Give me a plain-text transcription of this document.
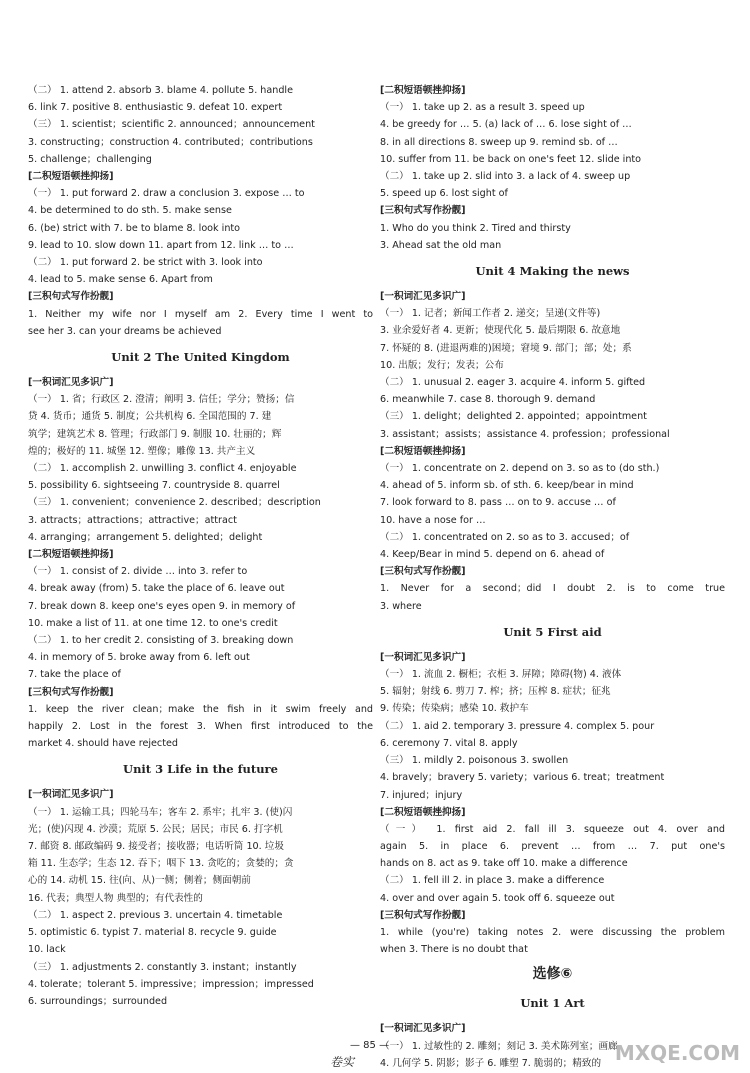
（二） 1. attend 2. absorb 3. blame 4. pollute 5. handle
6. link 7. positive 8. enthusiastic 9. defeat 10. expert
（三） 1. scientist；scientific 2. announced；announcement
3. constructing；construction 4. contributed；contributions
5. challenge；challenging
[二积短语顿挫抑扬]
（一） 1. put forward 2. draw a conclusion 3. expose … to
4. be determined to do sth. 5. make sense
6. (be) strict with 7. be to blame 8. look into
9. lead to 10. slow down 11. apart from 12. link … to …
（二） 1. put forward 2. be strict with 3. look into
4. lead to 5. make sense 6. Apart from
[三积句式写作扮靓]
1. Neither my wife nor I myself am 2. Every time I went to
see her 3. can your dreams be achieved
Unit 2 The United Kingdom
[一积词汇见多识广]
（一） 1. 省；行政区 2. 澄清；阐明 3. 信任；学分；赞扬；信
贷 4. 货币；通货 5. 制度；公共机构 6. 全国范围的 7. 建
筑学；建筑艺术 8. 管理；行政部门 9. 制服 10. 壮丽的；辉
煌的；极好的 11. 城堡 12. 塑像；雕像 13. 共产主义
（二） 1. accomplish 2. unwilling 3. conflict 4. enjoyable
5. possibility 6. sightseeing 7. countryside 8. quarrel
（三） 1. convenient；convenience 2. described；description
3. attracts；attractions；attractive；attract
4. arranging；arrangement 5. delighted；delight
[二积短语顿挫抑扬]
（一） 1. consist of 2. divide … into 3. refer to
4. break away (from) 5. take the place of 6. leave out
7. break down 8. keep one's eyes open 9. in memory of
10. make a list of 11. at one time 12. to one's credit
（二） 1. to her credit 2. consisting of 3. breaking down
4. in memory of 5. broke away from 6. left out
7. take the place of
[三积句式写作扮靓]
1. keep the river clean；make the fish in it swim freely and
happily 2. Lost in the forest 3. When first introduced to the
market 4. should have rejected
Unit 3 Life in the future
[一积词汇见多识广]
（一） 1. 运输工具；四轮马车；客车 2. 系牢；扎牢 3. (使)闪
光；(使)闪现 4. 沙漠；荒原 5. 公民；居民；市民 6. 打字机
7. 邮资 8. 邮政编码 9. 接受者；接收器；电话听筒 10. 垃圾
箱 11. 生态学；生态 12. 吞下；咽下 13. 贪吃的；贪婪的；贪
心的 14. 动机 15. 往(向、从)一侧；侧着；侧面朝前
16. 代表；典型人物 典型的；有代表性的
（二） 1. aspect 2. previous 3. uncertain 4. timetable
5. optimistic 6. typist 7. material 8. recycle 9. guide
10. lack
（三） 1. adjustments 2. constantly 3. instant；instantly
4. tolerate；tolerant 5. impressive；impression；impressed
6. surroundings；surrounded
[二积短语顿挫抑扬]
（一） 1. take up 2. as a result 3. speed up
4. be greedy for … 5. (a) lack of … 6. lose sight of …
8. in all directions 8. sweep up 9. remind sb. of …
10. suffer from 11. be back on one's feet 12. slide into
（二） 1. take up 2. slid into 3. a lack of 4. sweep up
5. speed up 6. lost sight of
[三积句式写作扮靓]
1. Who do you think 2. Tired and thirsty
3. Ahead sat the old man
Unit 4 Making the news
[一积词汇见多识广]
（一） 1. 记者；新闻工作者 2. 递交；呈递(文件等)
3. 业余爱好者 4. 更新；使现代化 5. 最后期限 6. 故意地
7. 怀疑的 8. (进退两难的)困境；窘境 9. 部门；部；处；系
10. 出版；发行；发表；公布
（二） 1. unusual 2. eager 3. acquire 4. inform 5. gifted
6. meanwhile 7. case 8. thorough 9. demand
（三） 1. delight；delighted 2. appointed；appointment
3. assistant；assists；assistance 4. profession；professional
[二积短语顿挫抑扬]
（一） 1. concentrate on 2. depend on 3. so as to (do sth.)
4. ahead of 5. inform sb. of sth. 6. keep/bear in mind
7. look forward to 8. pass … on to 9. accuse … of
10. have a nose for …
（二） 1. concentrated on 2. so as to 3. accused；of
4. Keep/Bear in mind 5. depend on 6. ahead of
[三积句式写作扮靓]
1. Never for a second；did I doubt 2. is to come true
3. where
Unit 5 First aid
[一积词汇见多识广]
（一） 1. 流血 2. 橱柜；衣柜 3. 屏障；障碍(物) 4. 液体
5. 辐射；射线 6. 剪刀 7. 榨；挤；压榨 8. 症状；征兆
9. 传染；传染病；感染 10. 救护车
（二） 1. aid 2. temporary 3. pressure 4. complex 5. pour
6. ceremony 7. vital 8. apply
（三） 1. mildly 2. poisonous 3. swollen
4. bravely；bravery 5. variety；various 6. treat；treatment
7. injured；injury
[二积短语顿挫抑扬]
（一） 1. first aid 2. fall ill 3. squeeze out 4. over and
again 5. in place 6. prevent … from … 7. put one's
hands on 8. act as 9. take off 10. make a difference
（二） 1. fell ill 2. in place 3. make a difference
4. over and over again 5. took off 6. squeeze out
[三积句式写作扮靓]
1. while (you're) taking notes 2. were discussing the problem
when 3. There is no doubt that
选修⑥
Unit 1 Art
[一积词汇见多识广]
（一） 1. 过敏性的 2. 雕刻；刻记 3. 美术陈列室；画廊
4. 几何学 5. 阴影；影子 6. 雕塑 7. 脆弱的；精致的
— 85 —
卷实	MXQE.COM
